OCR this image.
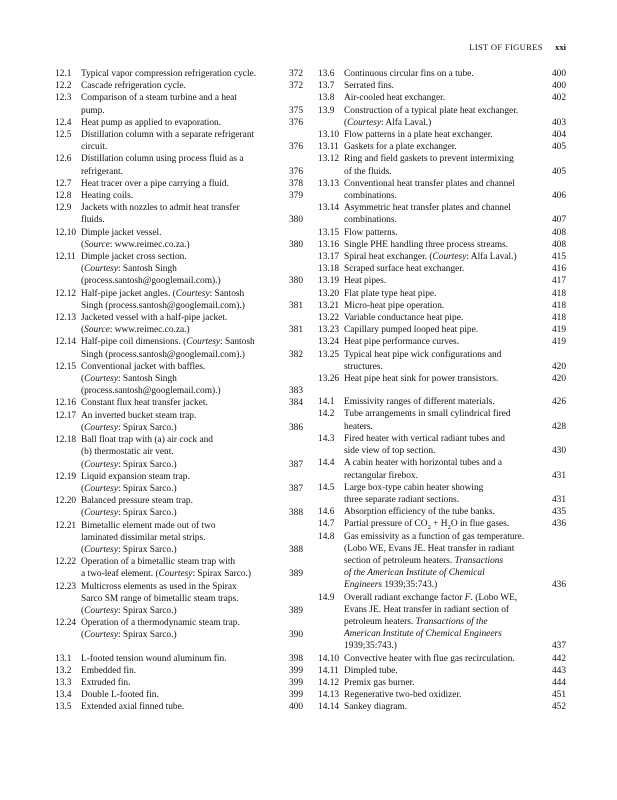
LIST OF FIGURES xxi
12.1	Typical vapor compression refrigeration cycle.	372
12.2	Cascade refrigeration cycle.	372
12.3	Comparison of a steam turbine and a heat
pump.	375
12.4	Heat pump as applied to evaporation.	376
12.5	Distillation column with a separate refrigerant
circuit.	376
12.6	Distillation column using process fluid as a
refrigerant.	376
12.7	Heat tracer over a pipe carrying a fluid.	378
12.8	Heating coils.	379
12.9	Jackets with nozzles to admit heat transfer
fluids.	380
12.10 Dimple jacket vessel.
(Source: www.reimec.co.za.)	380
12.11 Dimple jacket cross section.
(Courtesy: Santosh Singh
(process.santosh@googlemail.com).)	380
12.12 Half-pipe jacket angles. (Courtesy: Santosh
Singh (process.santosh@googlemail.com).)	381
12.13 Jacketed vessel with a half-pipe jacket.
(Source: www.reimec.co.za.)	381
12.14 Half-pipe coil dimensions. (Courtesy: Santosh
Singh (process.santosh@googlemail.com).)	382
12.15 Conventional jacket with baffles.
(Courtesy: Santosh Singh
(process.santosh@googlemail.com).)	383
12.16 Constant flux heat transfer jacket.	384
12.17 An inverted bucket steam trap.
(Courtesy: Spirax Sarco.)	386
12.18 Ball float trap with (a) air cock and
(b) thermostatic air vent.
(Courtesy: Spirax Sarco.)	387
12.19 Liquid expansion steam trap.
(Courtesy: Spirax Sarco.)	387
12.20 Balanced pressure steam trap.
(Courtesy: Spirax Sarco.)	388
12.21 Bimetallic element made out of two
laminated dissimilar metal strips.
(Courtesy: Spirax Sarco.)	388
12.22 Operation of a bimetallic steam trap with
a two-leaf element. (Courtesy: Spirax Sarco.)	389
12.23 Multicross elements as used in the Spirax
Sarco SM range of bimetallic steam traps.
(Courtesy: Spirax Sarco.)	389
12.24 Operation of a thermodynamic steam trap.
(Courtesy: Spirax Sarco.)	390
13.1	L-footed tension wound aluminum fin.	398
13.2	Embedded fin.	399
13.3	Extruded fin.	399
13.4	Double L-footed fin.	399
13.5	Extended axial finned tube.	400
13.6	Continuous circular fins on a tube.	400
13.7	Serrated fins.	400
13.8	Air-cooled heat exchanger.	402
13.9	Construction of a typical plate heat exchanger.
(Courtesy: Alfa Laval.)	403
13.10 Flow patterns in a plate heat exchanger.	404
13.11 Gaskets for a plate exchanger.	405
13.12 Ring and field gaskets to prevent intermixing
of the fluids.	405
13.13 Conventional heat transfer plates and channel
combinations.	406
13.14 Asymmetric heat transfer plates and channel
combinations.	407
13.15 Flow patterns.	408
13.16 Single PHE handling three process streams.	408
13.17 Spiral heat exchanger. (Courtesy: Alfa Laval.)	415
13.18 Scraped surface heat exchanger.	416
13.19 Heat pipes.	417
13.20 Flat plate type heat pipe.	418
13.21 Micro-heat pipe operation.	418
13.22 Variable conductance heat pipe.	418
13.23 Capillary pumped looped heat pipe.	419
13.24 Heat pipe performance curves.	419
13.25 Typical heat pipe wick configurations and
structures.	420
13.26 Heat pipe heat sink for power transistors.	420
14.1	Emissivity ranges of different materials.	426
14.2	Tube arrangements in small cylindrical fired
heaters.	428
14.3	Fired heater with vertical radiant tubes and
side view of top section.	430
14.4	A cabin heater with horizontal tubes and a
rectangular firebox.	431
14.5	Large box-type cabin heater showing
three separate radiant sections.	431
14.6	Absorption efficiency of the tube banks.	435
14.7	Partial pressure of $CO_2 + H_2O$ in flue gases.	436
14.8	Gas emissivity as a function of gas temperature.
(Lobo WE, Evans JE. Heat transfer in radiant
section of petroleum heaters. Transactions
of the American Institute of Chemical
Engineers 1939;35:743.)	436
14.9	Overall radiant exchange factor F. (Lobo WE,
Evans JE. Heat transfer in radiant section of
petroleum heaters. Transactions of the
American Institute of Chemical Engineers
1939;35:743.)	437
14.10 Convective heater with flue gas recirculation.	442
14.11 Dimpled tube.	443
14.12 Premix gas burner.	444
14.13 Regenerative two-bed oxidizer.	451
14.14 Sankey diagram.	452
